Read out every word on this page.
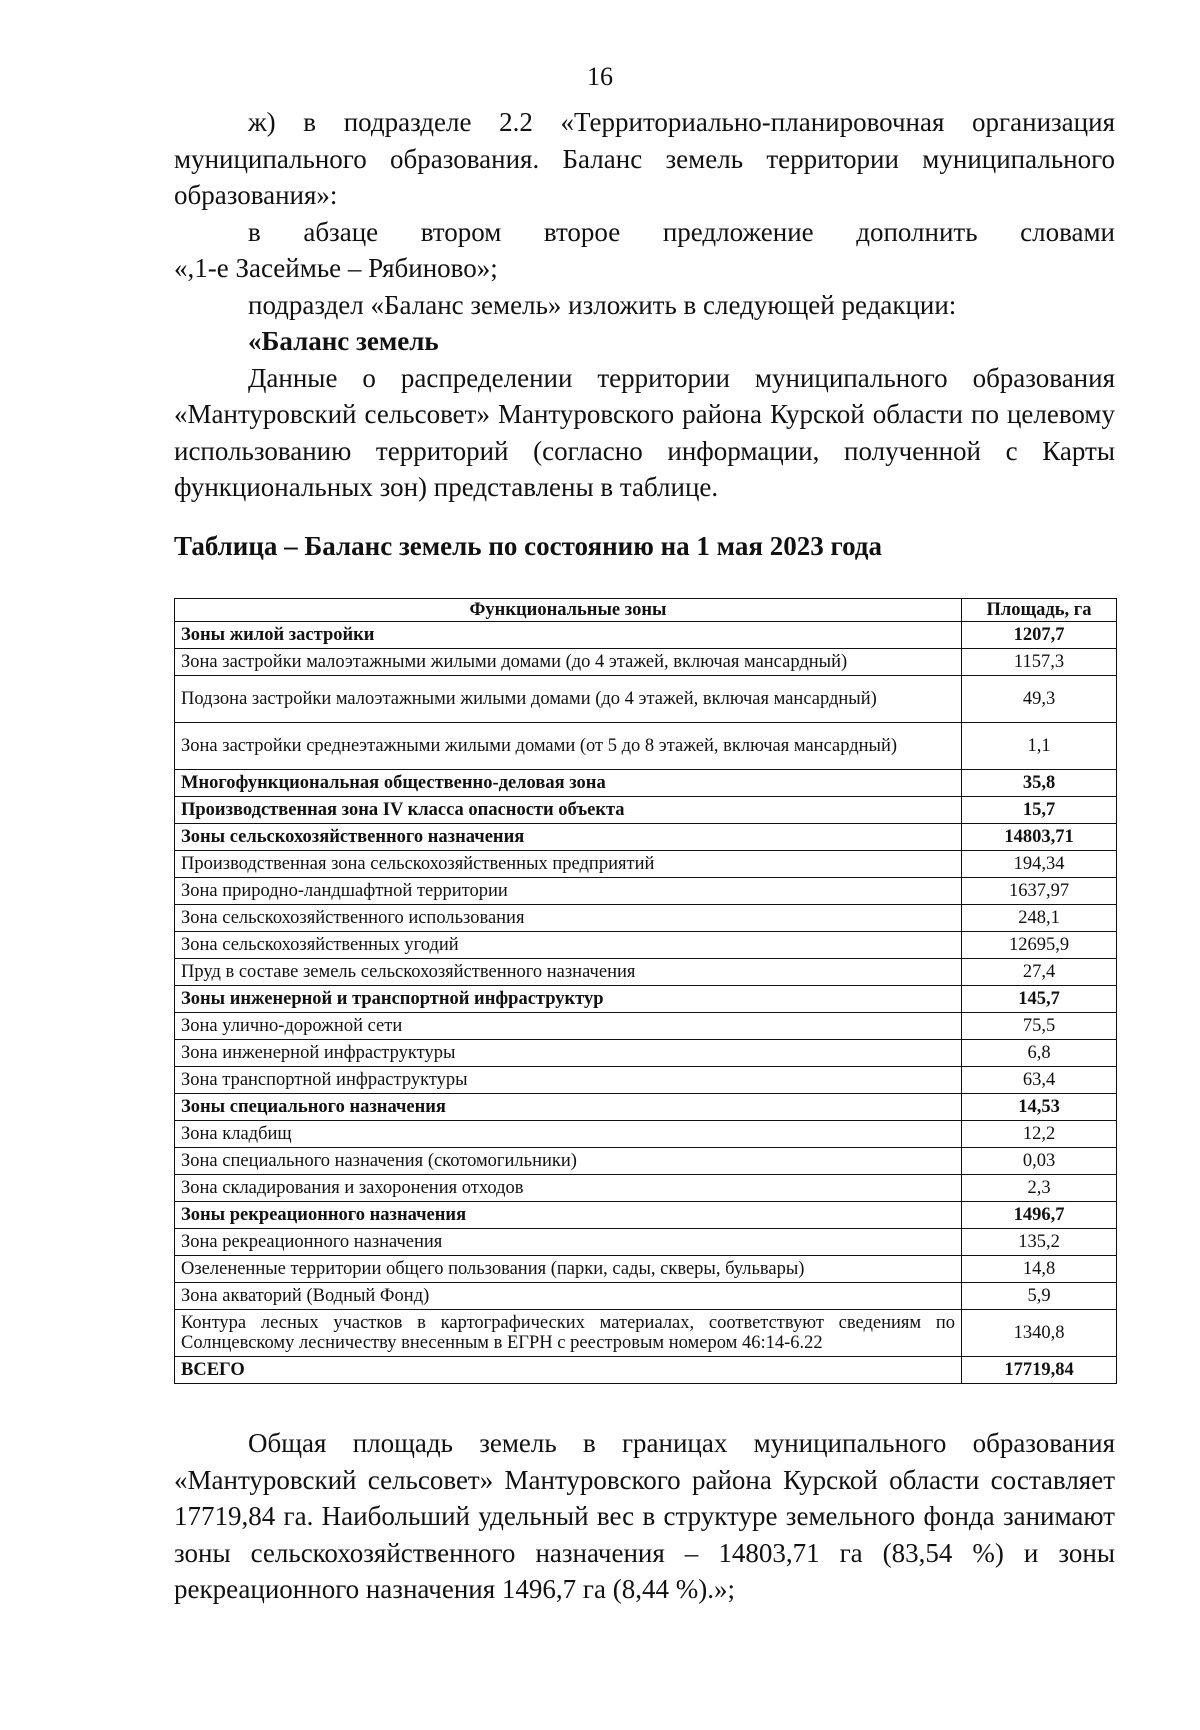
16

ж) в подразделе 2.2 «Территориально-планировочная организация муниципального образования. Баланс земель территории муниципального образования»:

в абзаце втором второе предложение дополнить словами

«,1-е Засеймье – Рябиново»;

подраздел «Баланс земель» изложить в следующей редакции:

«Баланс земель

Данные о распределении территории муниципального образования «Мантуровский сельсовет» Мантуровского района Курской области по целевому использованию территорий (согласно информации, полученной с Карты функциональных зон) представлены в таблице.

Таблица – Баланс земель по состоянию на 1 мая 2023 года

Функциональные зоны	Площадь, га
Зоны жилой застройки	1207,7
Зона застройки малоэтажными жилыми домами (до 4 этажей, включая мансардный)	1157,3
Подзона застройки малоэтажными жилыми домами (до 4 этажей, включая мансардный)	49,3
Зона застройки среднеэтажными жилыми домами (от 5 до 8 этажей, включая мансардный)	1,1
Многофункциональная общественно-деловая зона	35,8
Производственная зона IV класса опасности объекта	15,7
Зоны сельскохозяйственного назначения	14803,71
Производственная зона сельскохозяйственных предприятий	194,34
Зона природно-ландшафтной территории	1637,97
Зона сельскохозяйственного использования	248,1
Зона сельскохозяйственных угодий	12695,9
Пруд в составе земель сельскохозяйственного назначения	27,4
Зоны инженерной и транспортной инфраструктур	145,7
Зона улично-дорожной сети	75,5
Зона инженерной инфраструктуры	6,8
Зона транспортной инфраструктуры	63,4
Зоны специального назначения	14,53
Зона кладбищ	12,2
Зона специального назначения (скотомогильники)	0,03
Зона складирования и захоронения отходов	2,3
Зоны рекреационного назначения	1496,7
Зона рекреационного назначения	135,2
Озелененные территории общего пользования (парки, сады, скверы, бульвары)	14,8
Зона акваторий (Водный Фонд)	5,9
Контура лесных участков в картографических материалах, соответствуют сведениям по Солнцевскому лесничеству внесенным в ЕГРН с реестровым номером 46:14-6.22	1340,8
ВСЕГО	17719,84

Общая площадь земель в границах муниципального образования «Мантуровский сельсовет» Мантуровского района Курской области составляет 17719,84 га. Наибольший удельный вес в структуре земельного фонда занимают зоны сельскохозяйственного назначения – 14803,71 га (83,54 %) и зоны рекреационного назначения 1496,7 га (8,44 %).»;
